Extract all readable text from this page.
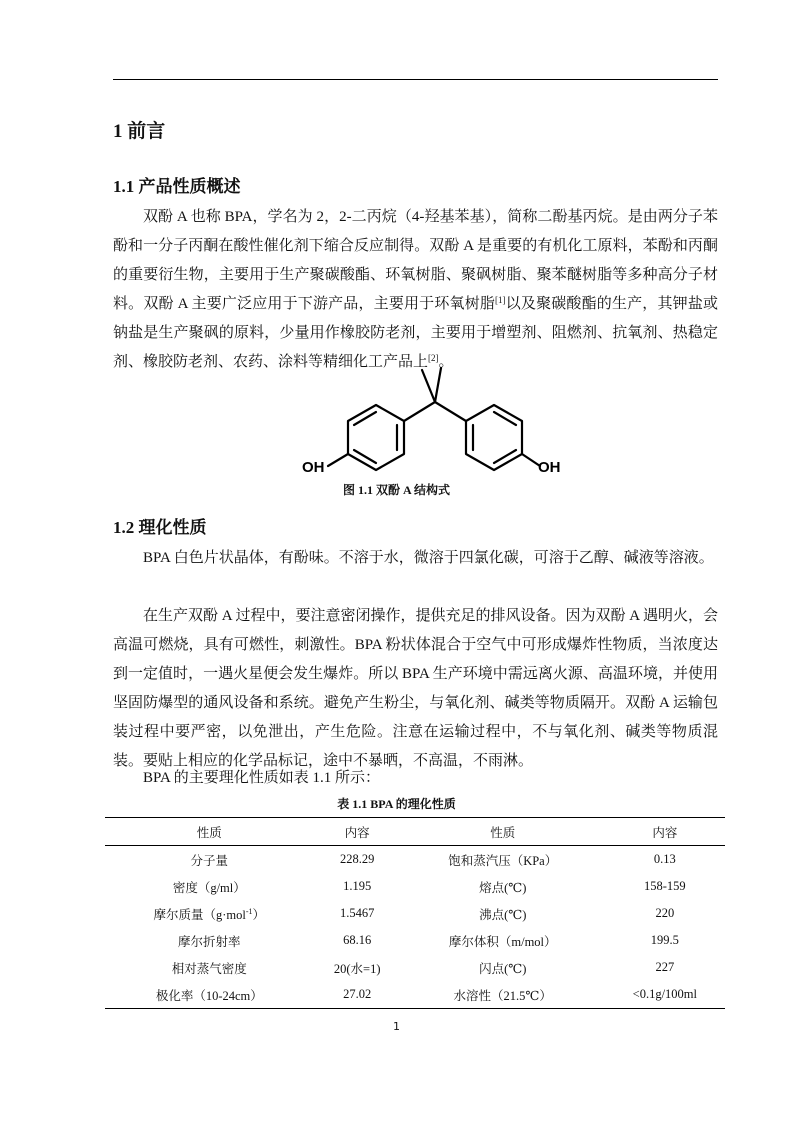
1 前言
1.1 产品性质概述

双酚 A 也称 BPA，学名为 2，2-二丙烷（4-羟基苯基），简称二酚基丙烷。是由两分子苯酚和一分子丙酮在酸性催化剂下缩合反应制得。双酚 A 是重要的有机化工原料，苯酚和丙酮的重要衍生物，主要用于生产聚碳酸酯、环氧树脂、聚砜树脂、聚苯醚树脂等多种高分子材料。双酚 A 主要广泛应用于下游产品，主要用于环氧树脂[1]以及聚碳酸酯的生产，其钾盐或钠盐是生产聚砜的原料，少量用作橡胶防老剂，主要用于增塑剂、阻燃剂、抗氧剂、热稳定剂、橡胶防老剂、农药、涂料等精细化工产品上[2]。

OH	OH
图 1.1 双酚 A 结构式
1.2 理化性质

BPA 白色片状晶体，有酚味。不溶于水，微溶于四氯化碳，可溶于乙醇、碱液等溶液。

在生产双酚 A 过程中，要注意密闭操作，提供充足的排风设备。因为双酚 A 遇明火，会高温可燃烧，具有可燃性，刺激性。BPA 粉状体混合于空气中可形成爆炸性物质，当浓度达到一定值时，一遇火星便会发生爆炸。所以 BPA 生产环境中需远离火源、高温环境，并使用坚固防爆型的通风设备和系统。避免产生粉尘，与氧化剂、碱类等物质隔开。双酚 A 运输包装过程中要严密，以免泄出，产生危险。注意在运输过程中，不与氧化剂、碱类等物质混装。要贴上相应的化学品标记，途中不暴晒，不高温，不雨淋。

BPA 的主要理化性质如表 1.1 所示：

表 1.1 BPA 的理化性质
性质	内容	性质	内容
分子量	228.29	饱和蒸汽压（KPa）	0.13
密度（g/ml）	1.195	熔点(℃)	158-159
摩尔质量（g·mol$^{-1}$）	1.5467	沸点(℃)	220
摩尔折射率	68.16	摩尔体积（m/mol）	199.5
相对蒸气密度	20(水=1)	闪点(℃)	227
极化率（10-24cm）	27.02	水溶性（21.5℃）	<0.1g/100ml
1
